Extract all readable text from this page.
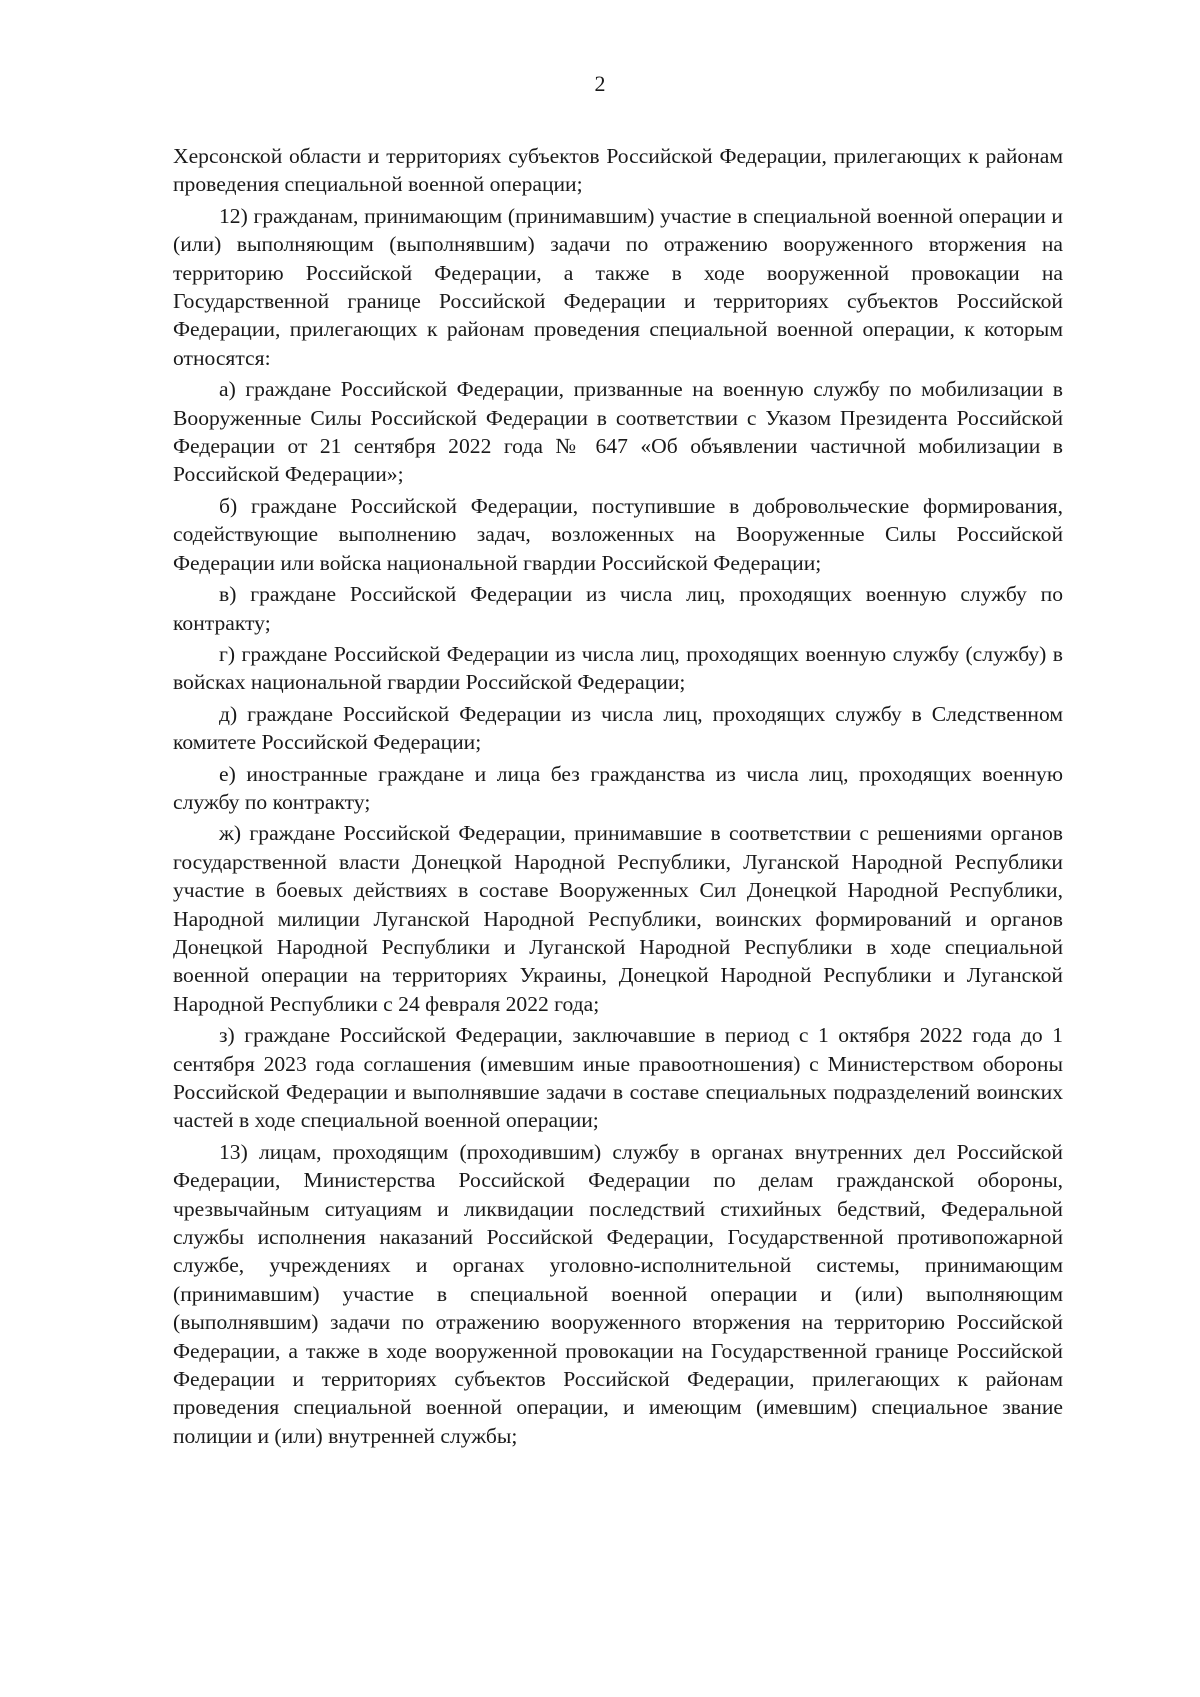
2

Херсонской области и территориях субъектов Российской Федерации, прилегающих к районам проведения специальной военной операции;

12) гражданам, принимающим (принимавшим) участие в специальной военной операции и (или) выполняющим (выполнявшим) задачи по отражению вооруженного вторжения на территорию Российской Федерации, а также в ходе вооруженной провокации на Государственной границе Российской Федерации и территориях субъектов Российской Федерации, прилегающих к районам проведения специальной военной операции, к которым относятся:

а) граждане Российской Федерации, призванные на военную службу по мобилизации в Вооруженные Силы Российской Федерации в соответствии с Указом Президента Российской Федерации от 21 сентября 2022 года № 647 «Об объявлении частичной мобилизации в Российской Федерации»;

б) граждане Российской Федерации, поступившие в добровольческие формирования, содействующие выполнению задач, возложенных на Вооруженные Силы Российской Федерации или войска национальной гвардии Российской Федерации;

в) граждане Российской Федерации из числа лиц, проходящих военную службу по контракту;

г) граждане Российской Федерации из числа лиц, проходящих военную службу (службу) в войсках национальной гвардии Российской Федерации;

д) граждане Российской Федерации из числа лиц, проходящих службу в Следственном комитете Российской Федерации;

е) иностранные граждане и лица без гражданства из числа лиц, проходящих военную службу по контракту;

ж) граждане Российской Федерации, принимавшие в соответствии с решениями органов государственной власти Донецкой Народной Республики, Луганской Народной Республики участие в боевых действиях в составе Вооруженных Сил Донецкой Народной Республики, Народной милиции Луганской Народной Республики, воинских формирований и органов Донецкой Народной Республики и Луганской Народной Республики в ходе специальной военной операции на территориях Украины, Донецкой Народной Республики и Луганской Народной Республики с 24 февраля 2022 года;

з) граждане Российской Федерации, заключавшие в период с 1 октября 2022 года до 1 сентября 2023 года соглашения (имевшим иные правоотношения) с Министерством обороны Российской Федерации и выполнявшие задачи в составе специальных подразделений воинских частей в ходе специальной военной операции;

13) лицам, проходящим (проходившим) службу в органах внутренних дел Российской Федерации, Министерства Российской Федерации по делам гражданской обороны, чрезвычайным ситуациям и ликвидации последствий стихийных бедствий, Федеральной службы исполнения наказаний Российской Федерации, Государственной противопожарной службе, учреждениях и органах уголовно-исполнительной системы, принимающим (принимавшим) участие в специальной военной операции и (или) выполняющим (выполнявшим) задачи по отражению вооруженного вторжения на территорию Российской Федерации, а также в ходе вооруженной провокации на Государственной границе Российской Федерации и территориях субъектов Российской Федерации, прилегающих к районам проведения специальной военной операции, и имеющим (имевшим) специальное звание полиции и (или) внутренней службы;
